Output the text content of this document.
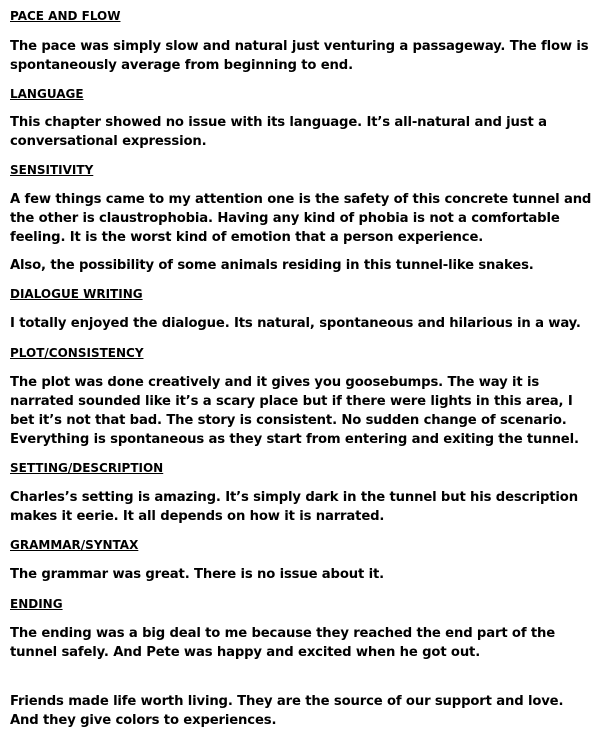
PACE AND FLOW
The pace was simply slow and natural just venturing a passageway. The flow is spontaneously average from beginning to end.
LANGUAGE
This chapter showed no issue with its language. It’s all-natural and just a conversational expression.
SENSITIVITY
A few things came to my attention one is the safety of this concrete tunnel and the other is claustrophobia. Having any kind of phobia is not a comfortable feeling. It is the worst kind of emotion that a person experience.
Also, the possibility of some animals residing in this tunnel-like snakes.
DIALOGUE WRITING
I totally enjoyed the dialogue. Its natural, spontaneous and hilarious in a way.
PLOT/CONSISTENCY
The plot was done creatively and it gives you goosebumps. The way it is narrated sounded like it’s a scary place but if there were lights in this area, I bet it’s not that bad. The story is consistent. No sudden change of scenario. Everything is spontaneous as they start from entering and exiting the tunnel.
SETTING/DESCRIPTION
Charles’s setting is amazing. It’s simply dark in the tunnel but his description makes it eerie. It all depends on how it is narrated.
GRAMMAR/SYNTAX
The grammar was great. There is no issue about it.
ENDING
The ending was a big deal to me because they reached the end part of the tunnel safely. And Pete was happy and excited when he got out.
Friends made life worth living. They are the source of our support and love. And they give colors to experiences.
